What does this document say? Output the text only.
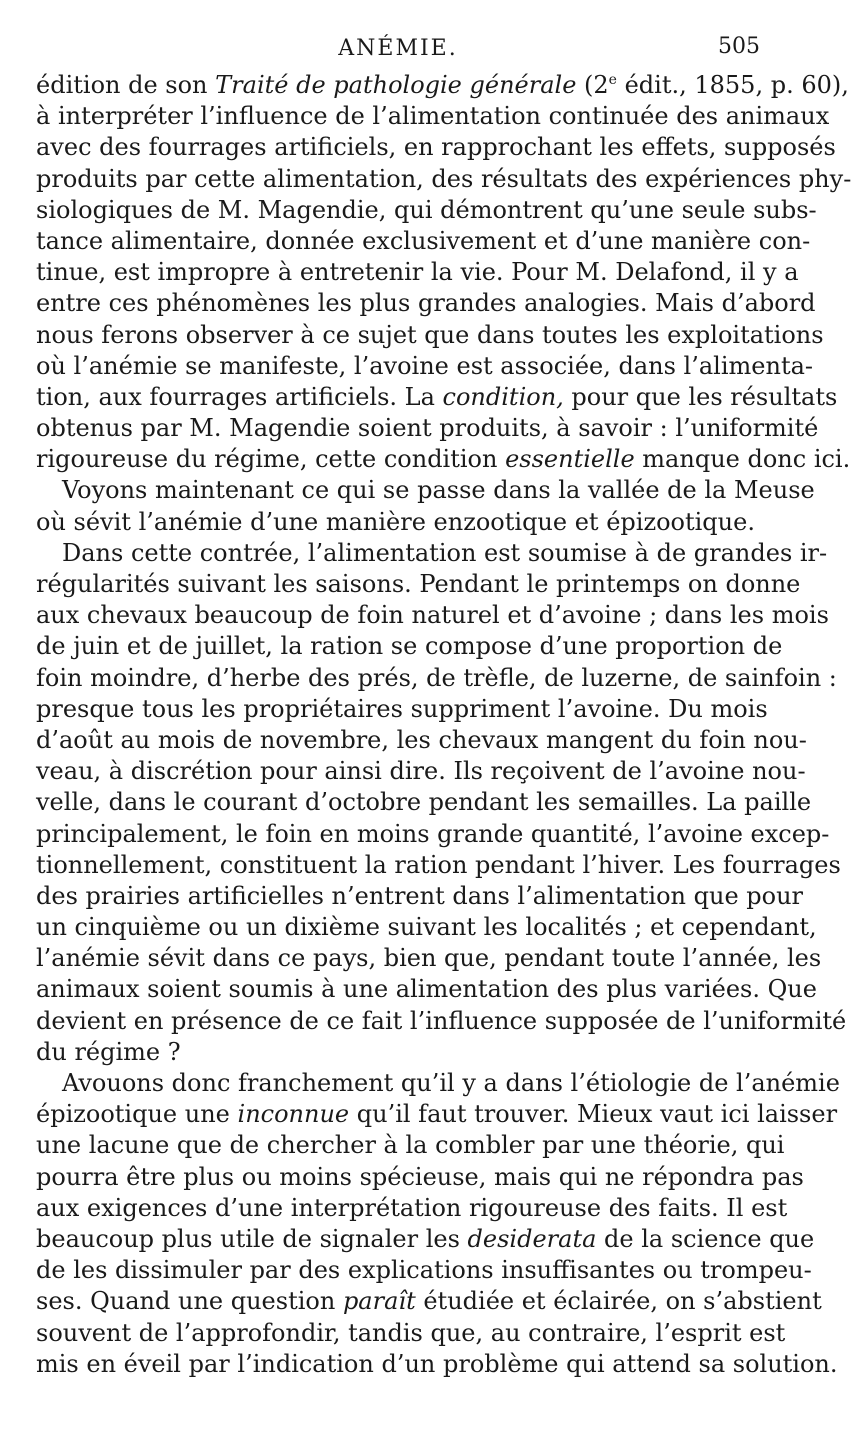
ANÉMIE.	505
édition de son Traité de pathologie générale (2e édit., 1855, p. 60),
à interpréter l’influence de l’alimentation continuée des animaux
avec des fourrages artificiels, en rapprochant les effets, supposés
produits par cette alimentation, des résultats des expériences phy-
siologiques de M. Magendie, qui démontrent qu’une seule subs-
tance alimentaire, donnée exclusivement et d’une manière con-
tinue, est impropre à entretenir la vie. Pour M. Delafond, il y a
entre ces phénomènes les plus grandes analogies. Mais d’abord
nous ferons observer à ce sujet que dans toutes les exploitations
où l’anémie se manifeste, l’avoine est associée, dans l’alimenta-
tion, aux fourrages artificiels. La condition, pour que les résultats
obtenus par M. Magendie soient produits, à savoir : l’uniformité
rigoureuse du régime, cette condition essentielle manque donc ici.
Voyons maintenant ce qui se passe dans la vallée de la Meuse
où sévit l’anémie d’une manière enzootique et épizootique.
Dans cette contrée, l’alimentation est soumise à de grandes ir-
régularités suivant les saisons. Pendant le printemps on donne
aux chevaux beaucoup de foin naturel et d’avoine ; dans les mois
de juin et de juillet, la ration se compose d’une proportion de
foin moindre, d’herbe des prés, de trèfle, de luzerne, de sainfoin :
presque tous les propriétaires suppriment l’avoine. Du mois
d’août au mois de novembre, les chevaux mangent du foin nou-
veau, à discrétion pour ainsi dire. Ils reçoivent de l’avoine nou-
velle, dans le courant d’octobre pendant les semailles. La paille
principalement, le foin en moins grande quantité, l’avoine excep-
tionnellement, constituent la ration pendant l’hiver. Les fourrages
des prairies artificielles n’entrent dans l’alimentation que pour
un cinquième ou un dixième suivant les localités ; et cependant,
l’anémie sévit dans ce pays, bien que, pendant toute l’année, les
animaux soient soumis à une alimentation des plus variées. Que
devient en présence de ce fait l’influence supposée de l’uniformité
du régime ?
Avouons donc franchement qu’il y a dans l’étiologie de l’anémie
épizootique une inconnue qu’il faut trouver. Mieux vaut ici laisser
une lacune que de chercher à la combler par une théorie, qui
pourra être plus ou moins spécieuse, mais qui ne répondra pas
aux exigences d’une interprétation rigoureuse des faits. Il est
beaucoup plus utile de signaler les desiderata de la science que
de les dissimuler par des explications insuffisantes ou trompeu-
ses. Quand une question paraît étudiée et éclairée, on s’abstient
souvent de l’approfondir, tandis que, au contraire, l’esprit est
mis en éveil par l’indication d’un problème qui attend sa solution.
